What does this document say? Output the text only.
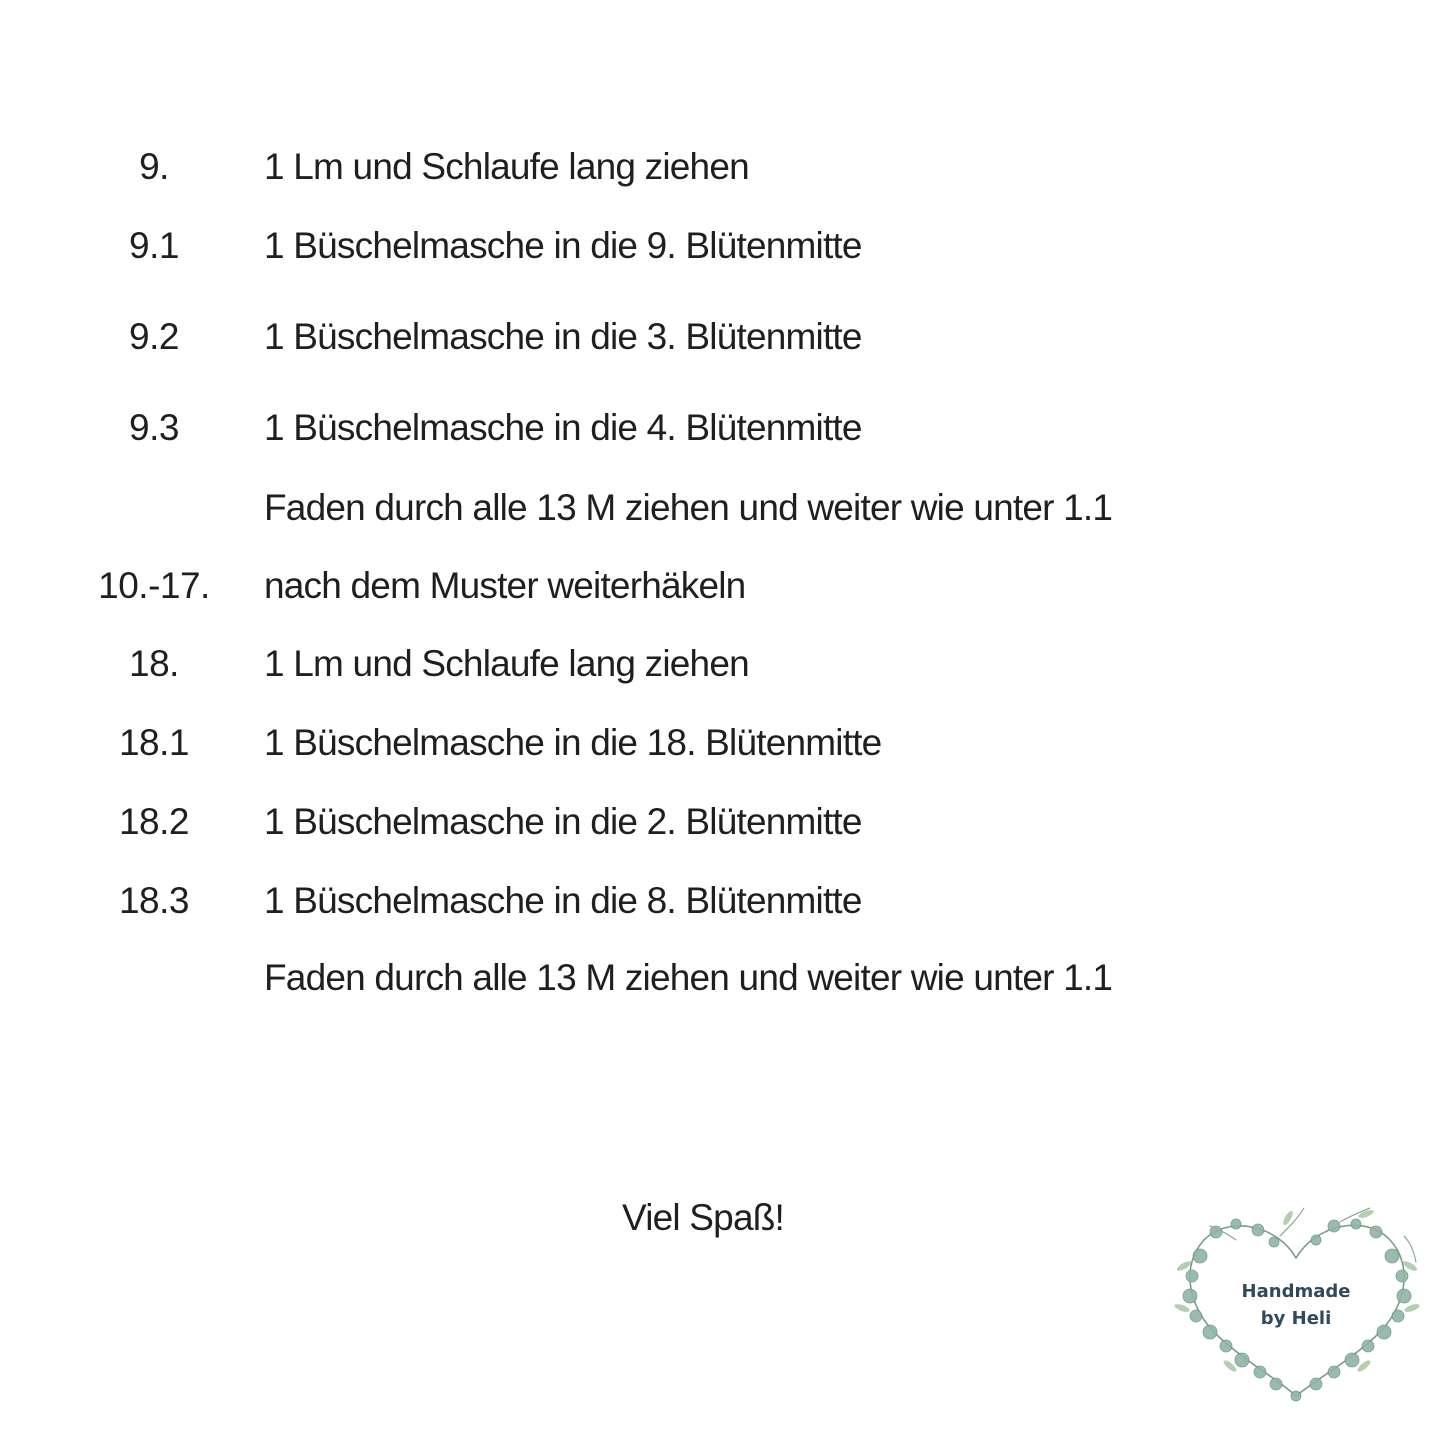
9.	1 Lm und Schlaufe lang ziehen
9.1	1 Büschelmasche in die 9. Blütenmitte
9.2	1 Büschelmasche in die 3. Blütenmitte
9.3	1 Büschelmasche in die 4. Blütenmitte
Faden durch alle 13 M ziehen und weiter wie unter 1.1
10.-17.	nach dem Muster weiterhäkeln
18.	1 Lm und Schlaufe lang ziehen
18.1	1 Büschelmasche in die 18. Blütenmitte
18.2	1 Büschelmasche in die 2. Blütenmitte
18.3	1 Büschelmasche in die 8. Blütenmitte
Faden durch alle 13 M ziehen und weiter wie unter 1.1
Viel Spaß!
Handmade
by Heli
